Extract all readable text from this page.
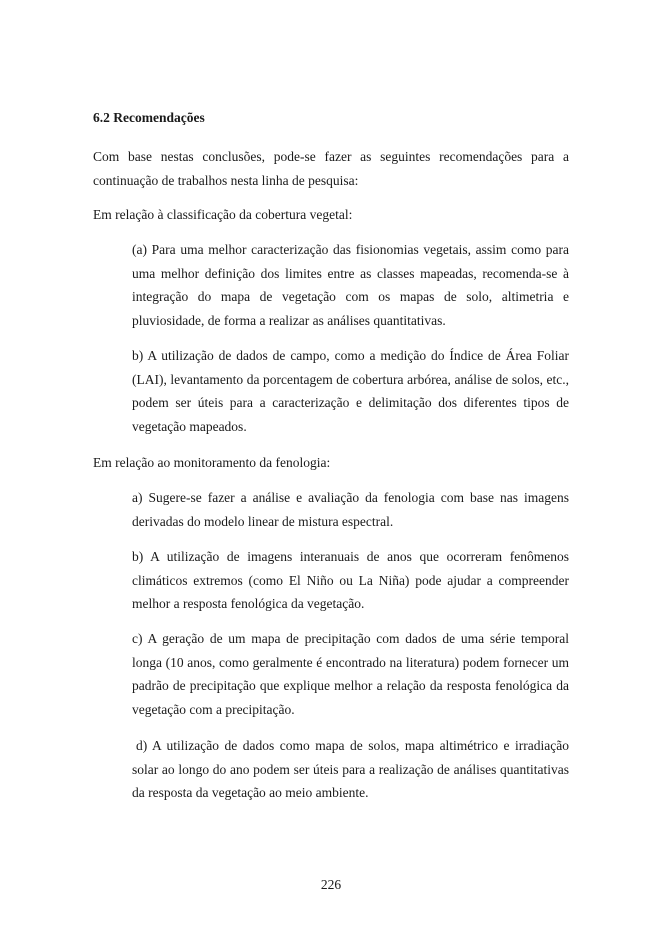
6.2 Recomendações

Com base nestas conclusões, pode-se fazer as seguintes recomendações para a continuação de trabalhos nesta linha de pesquisa:

Em relação à classificação da cobertura vegetal:

(a) Para uma melhor caracterização das fisionomias vegetais, assim como para uma melhor definição dos limites entre as classes mapeadas, recomenda-se à integração do mapa de vegetação com os mapas de solo, altimetria e pluviosidade, de forma a realizar as análises quantitativas.

b) A utilização de dados de campo, como a medição do Índice de Área Foliar (LAI), levantamento da porcentagem de cobertura arbórea, análise de solos, etc., podem ser úteis para a caracterização e delimitação dos diferentes tipos de vegetação mapeados.

Em relação ao monitoramento da fenologia:

a) Sugere-se fazer a análise e avaliação da fenologia com base nas imagens derivadas do modelo linear de mistura espectral.

b) A utilização de imagens interanuais de anos que ocorreram fenômenos climáticos extremos (como El Niño ou La Niña) pode ajudar a compreender melhor a resposta fenológica da vegetação.

c) A geração de um mapa de precipitação com dados de uma série temporal longa (10 anos, como geralmente é encontrado na literatura) podem fornecer um padrão de precipitação que explique melhor a relação da resposta fenológica da vegetação com a precipitação.

d) A utilização de dados como mapa de solos, mapa altimétrico e irradiação solar ao longo do ano podem ser úteis para a realização de análises quantitativas da resposta da vegetação ao meio ambiente.

226
